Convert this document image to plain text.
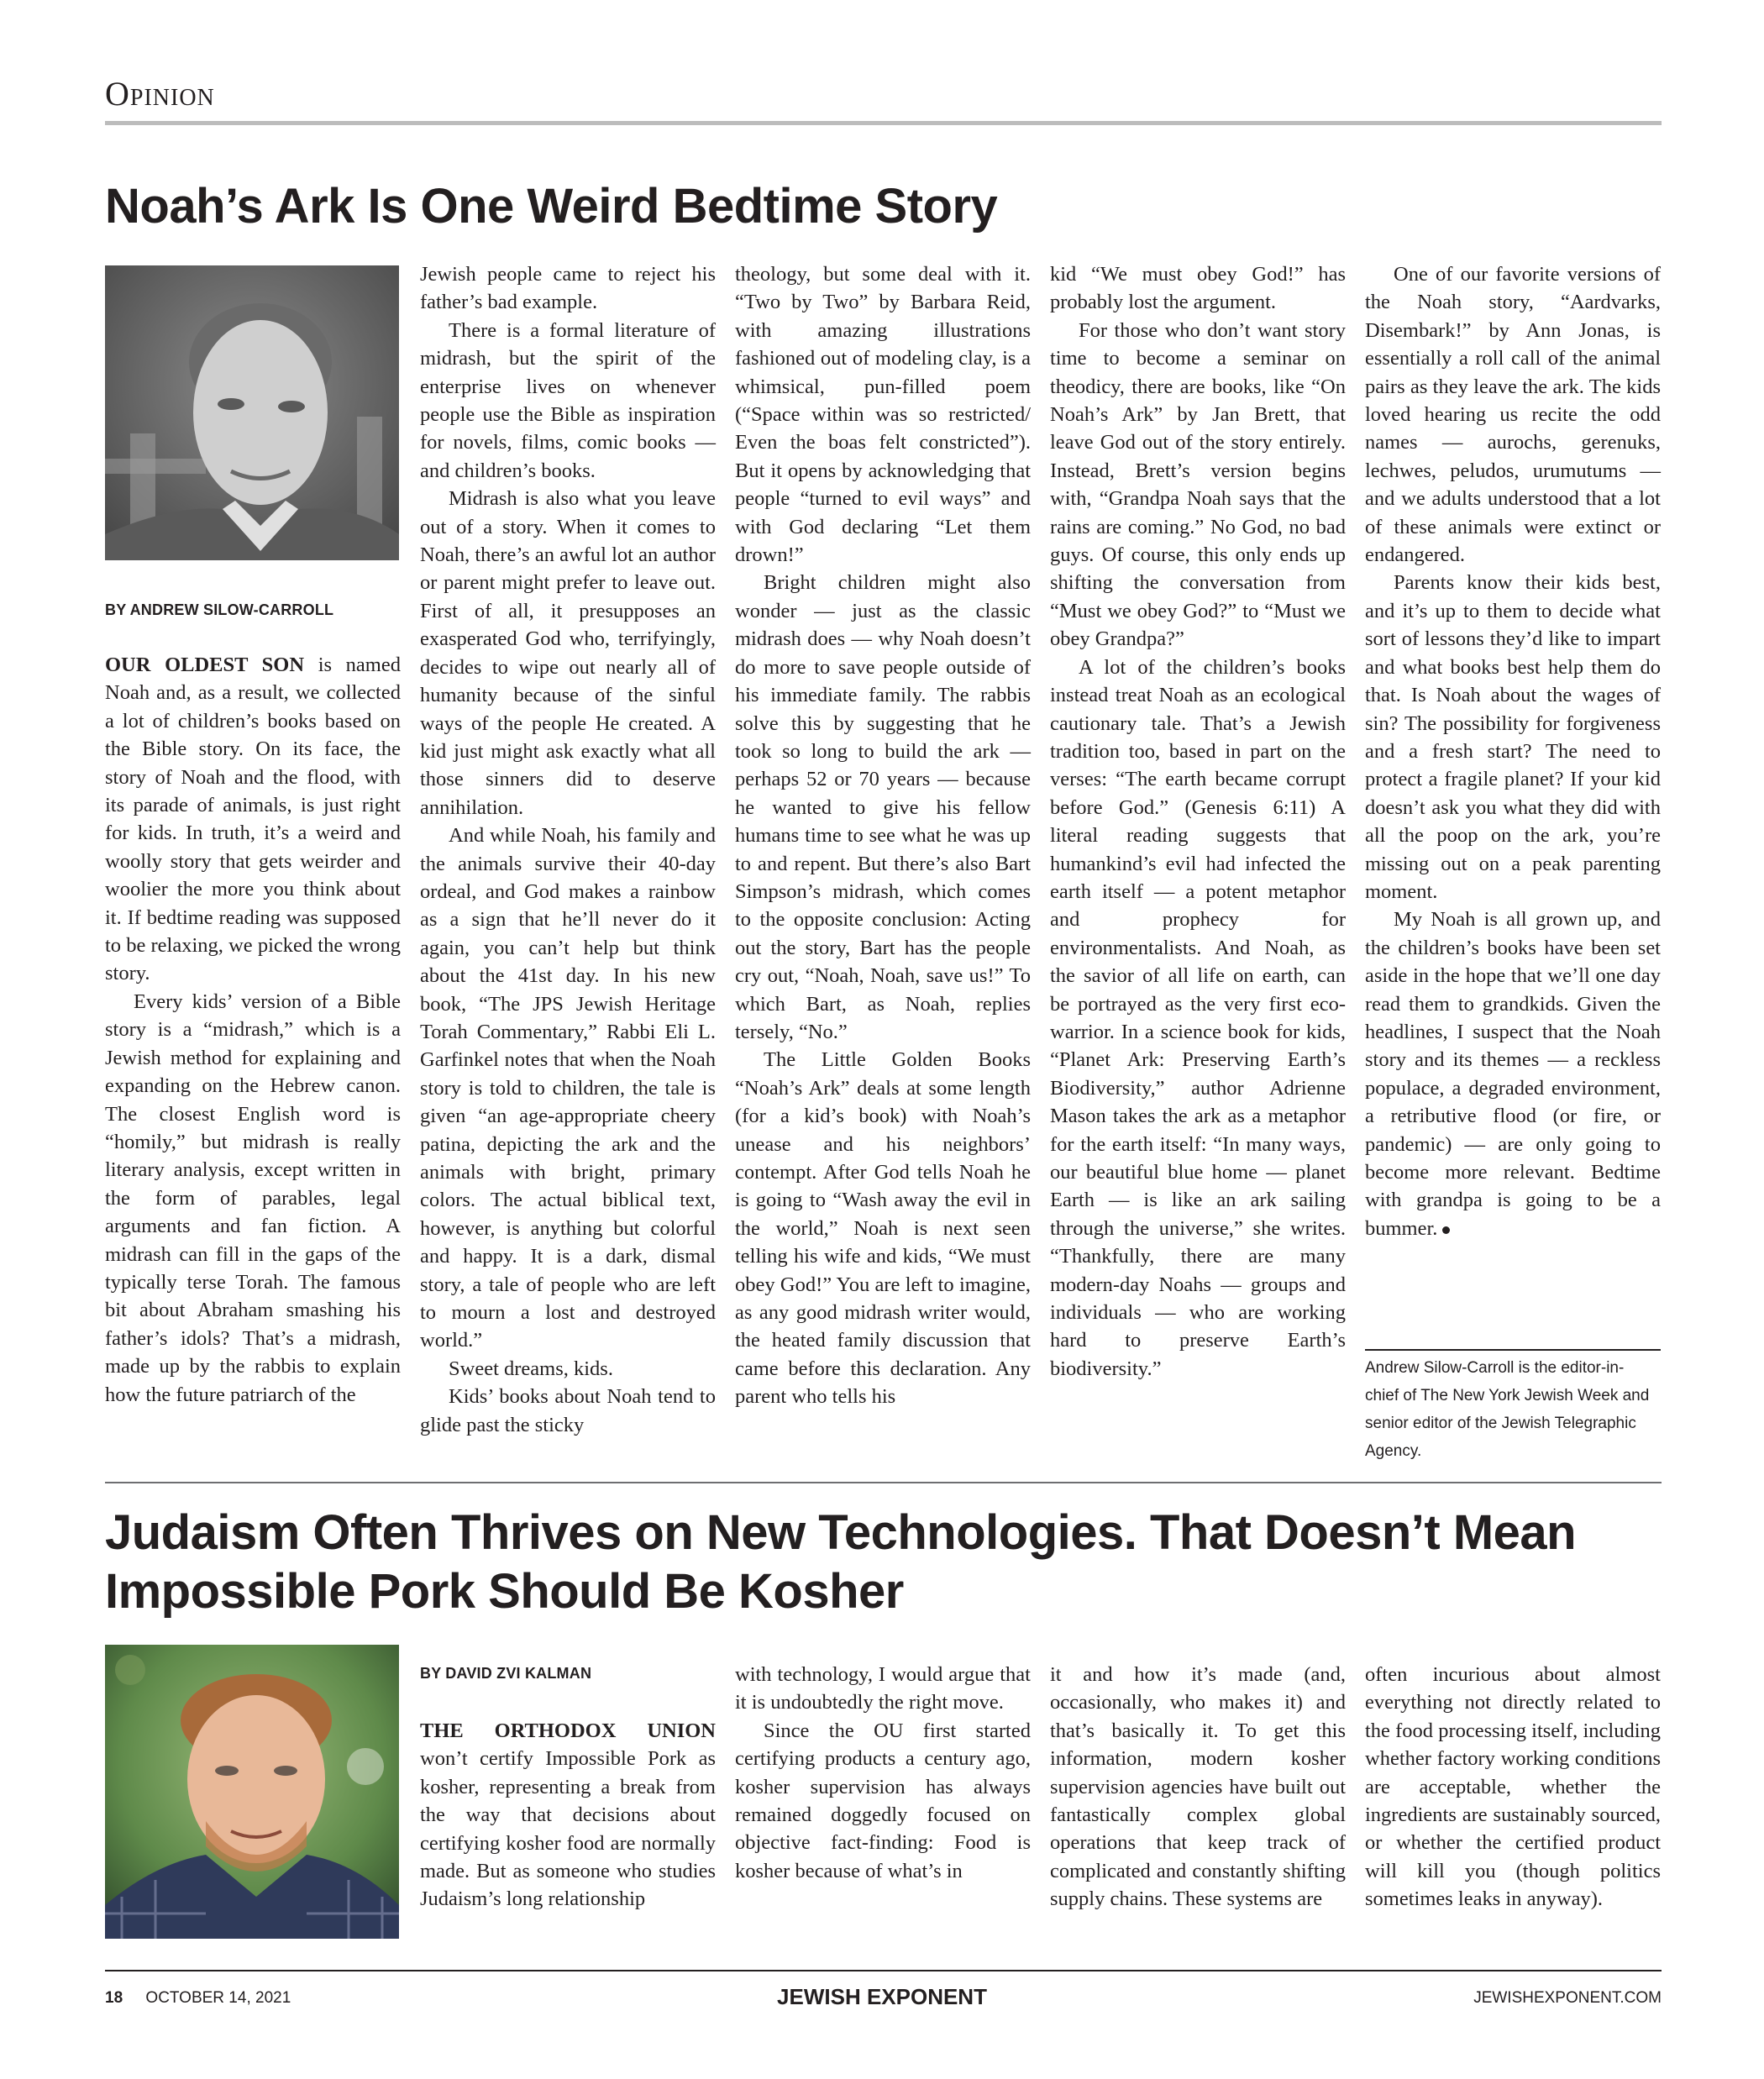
Opinion
Noah’s Ark Is One Weird Bedtime Story
BY ANDREW SILOW-CARROLL

OUR OLDEST SON is named Noah and, as a result, we collected a lot of children’s books based on the Bible story. On its face, the story of Noah and the flood, with its parade of animals, is just right for kids. In truth, it’s a weird and woolly story that gets weirder and woolier the more you think about it. If bedtime reading was supposed to be relaxing, we picked the wrong story.

Every kids’ version of a Bible story is a “midrash,” which is a Jewish method for explaining and expanding on the Hebrew canon. The closest English word is “homily,” but midrash is really literary analysis, except written in the form of parables, legal arguments and fan fiction. A midrash can fill in the gaps of the typically terse Torah. The famous bit about Abraham smashing his father’s idols? That’s a midrash, made up by the rabbis to explain how the future patriarch of the

Jewish people came to reject his father’s bad example.

There is a formal literature of midrash, but the spirit of the enterprise lives on whenever people use the Bible as inspiration for novels, films, comic books — and children’s books.

Midrash is also what you leave out of a story. When it comes to Noah, there’s an awful lot an author or parent might prefer to leave out. First of all, it presupposes an exasperated God who, terrifyingly, decides to wipe out nearly all of humanity because of the sinful ways of the people He created. A kid just might ask exactly what all those sinners did to deserve annihilation.

And while Noah, his family and the animals survive their 40-day ordeal, and God makes a rainbow as a sign that he’ll never do it again, you can’t help but think about the 41st day. In his new book, “The JPS Jewish Heritage Torah Commentary,” Rabbi Eli L. Garfinkel notes that when the Noah story is told to children, the tale is given “an age-appropriate cheery patina, depicting the ark and the animals with bright, primary colors. The actual biblical text, however, is anything but colorful and happy. It is a dark, dismal story, a tale of people who are left to mourn a lost and destroyed world.”

Sweet dreams, kids.

Kids’ books about Noah tend to glide past the sticky

theology, but some deal with it. “Two by Two” by Barbara Reid, with amazing illustrations fashioned out of modeling clay, is a whimsical, pun-filled poem (“Space within was so restricted/ Even the boas felt constricted”). But it opens by acknowledging that people “turned to evil ways” and with God declaring “Let them drown!”

Bright children might also wonder — just as the classic midrash does — why Noah doesn’t do more to save people outside of his immediate family. The rabbis solve this by suggesting that he took so long to build the ark — perhaps 52 or 70 years — because he wanted to give his fellow humans time to see what he was up to and repent. But there’s also Bart Simpson’s midrash, which comes to the opposite conclusion: Acting out the story, Bart has the people cry out, “Noah, Noah, save us!” To which Bart, as Noah, replies tersely, “No.”

The Little Golden Books “Noah’s Ark” deals at some length (for a kid’s book) with Noah’s unease and his neighbors’ contempt. After God tells Noah he is going to “Wash away the evil in the world,” Noah is next seen telling his wife and kids, “We must obey God!” You are left to imagine, as any good midrash writer would, the heated family discussion that came before this declaration. Any parent who tells his

kid “We must obey God!” has probably lost the argument.

For those who don’t want story time to become a seminar on theodicy, there are books, like “On Noah’s Ark” by Jan Brett, that leave God out of the story entirely. Instead, Brett’s version begins with, “Grandpa Noah says that the rains are coming.” No God, no bad guys. Of course, this only ends up shifting the conversation from “Must we obey God?” to “Must we obey Grandpa?”

A lot of the children’s books instead treat Noah as an ecological cautionary tale. That’s a Jewish tradition too, based in part on the verses: “The earth became corrupt before God.” (Genesis 6:11) A literal reading suggests that humankind’s evil had infected the earth itself — a potent metaphor and prophecy for environmentalists. And Noah, as the savior of all life on earth, can be portrayed as the very first eco-warrior. In a science book for kids, “Planet Ark: Preserving Earth’s Biodiversity,” author Adrienne Mason takes the ark as a metaphor for the earth itself: “In many ways, our beautiful blue home — planet Earth — is like an ark sailing through the universe,” she writes. “Thankfully, there are many modern-day Noahs — groups and individuals — who are working hard to preserve Earth’s biodiversity.”

One of our favorite versions of the Noah story, “Aardvarks, Disembark!” by Ann Jonas, is essentially a roll call of the animal pairs as they leave the ark. The kids loved hearing us recite the odd names — aurochs, gerenuks, lechwes, peludos, urumutums — and we adults understood that a lot of these animals were extinct or endangered.

Parents know their kids best, and it’s up to them to decide what sort of lessons they’d like to impart and what books best help them do that. Is Noah about the wages of sin? The possibility for forgiveness and a fresh start? The need to protect a fragile planet? If your kid doesn’t ask you what they did with all the poop on the ark, you’re missing out on a peak parenting moment.

My Noah is all grown up, and the children’s books have been set aside in the hope that we’ll one day read them to grandkids. Given the headlines, I suspect that the Noah story and its themes — a reckless populace, a degraded environment, a retributive flood (or fire, or pandemic) — are only going to become more relevant. Bedtime with grandpa is going to be a bummer.

Andrew Silow-Carroll is the editor-in-chief of The New York Jewish Week and senior editor of the Jewish Telegraphic Agency.
Judaism Often Thrives on New Technologies. That Doesn’t Mean Impossible Pork Should Be Kosher
BY DAVID ZVI KALMAN

THE ORTHODOX UNION won’t certify Impossible Pork as kosher, representing a break from the way that decisions about certifying kosher food are normally made. But as someone who studies Judaism’s long relationship

with technology, I would argue that it is undoubtedly the right move.

Since the OU first started certifying products a century ago, kosher supervision has always remained doggedly focused on objective fact-finding: Food is kosher because of what’s in

it and how it’s made (and, occasionally, who makes it) and that’s basically it. To get this information, modern kosher supervision agencies have built out fantastically complex global operations that keep track of complicated and constantly shifting supply chains. These systems are

often incurious about almost everything not directly related to the food processing itself, including whether factory working conditions are acceptable, whether the ingredients are sustainably sourced, or whether the certified product will kill you (though politics sometimes leaks in anyway).

18 OCTOBER 14, 2021	JEWISH EXPONENT	JEWISHEXPONENT.COM
